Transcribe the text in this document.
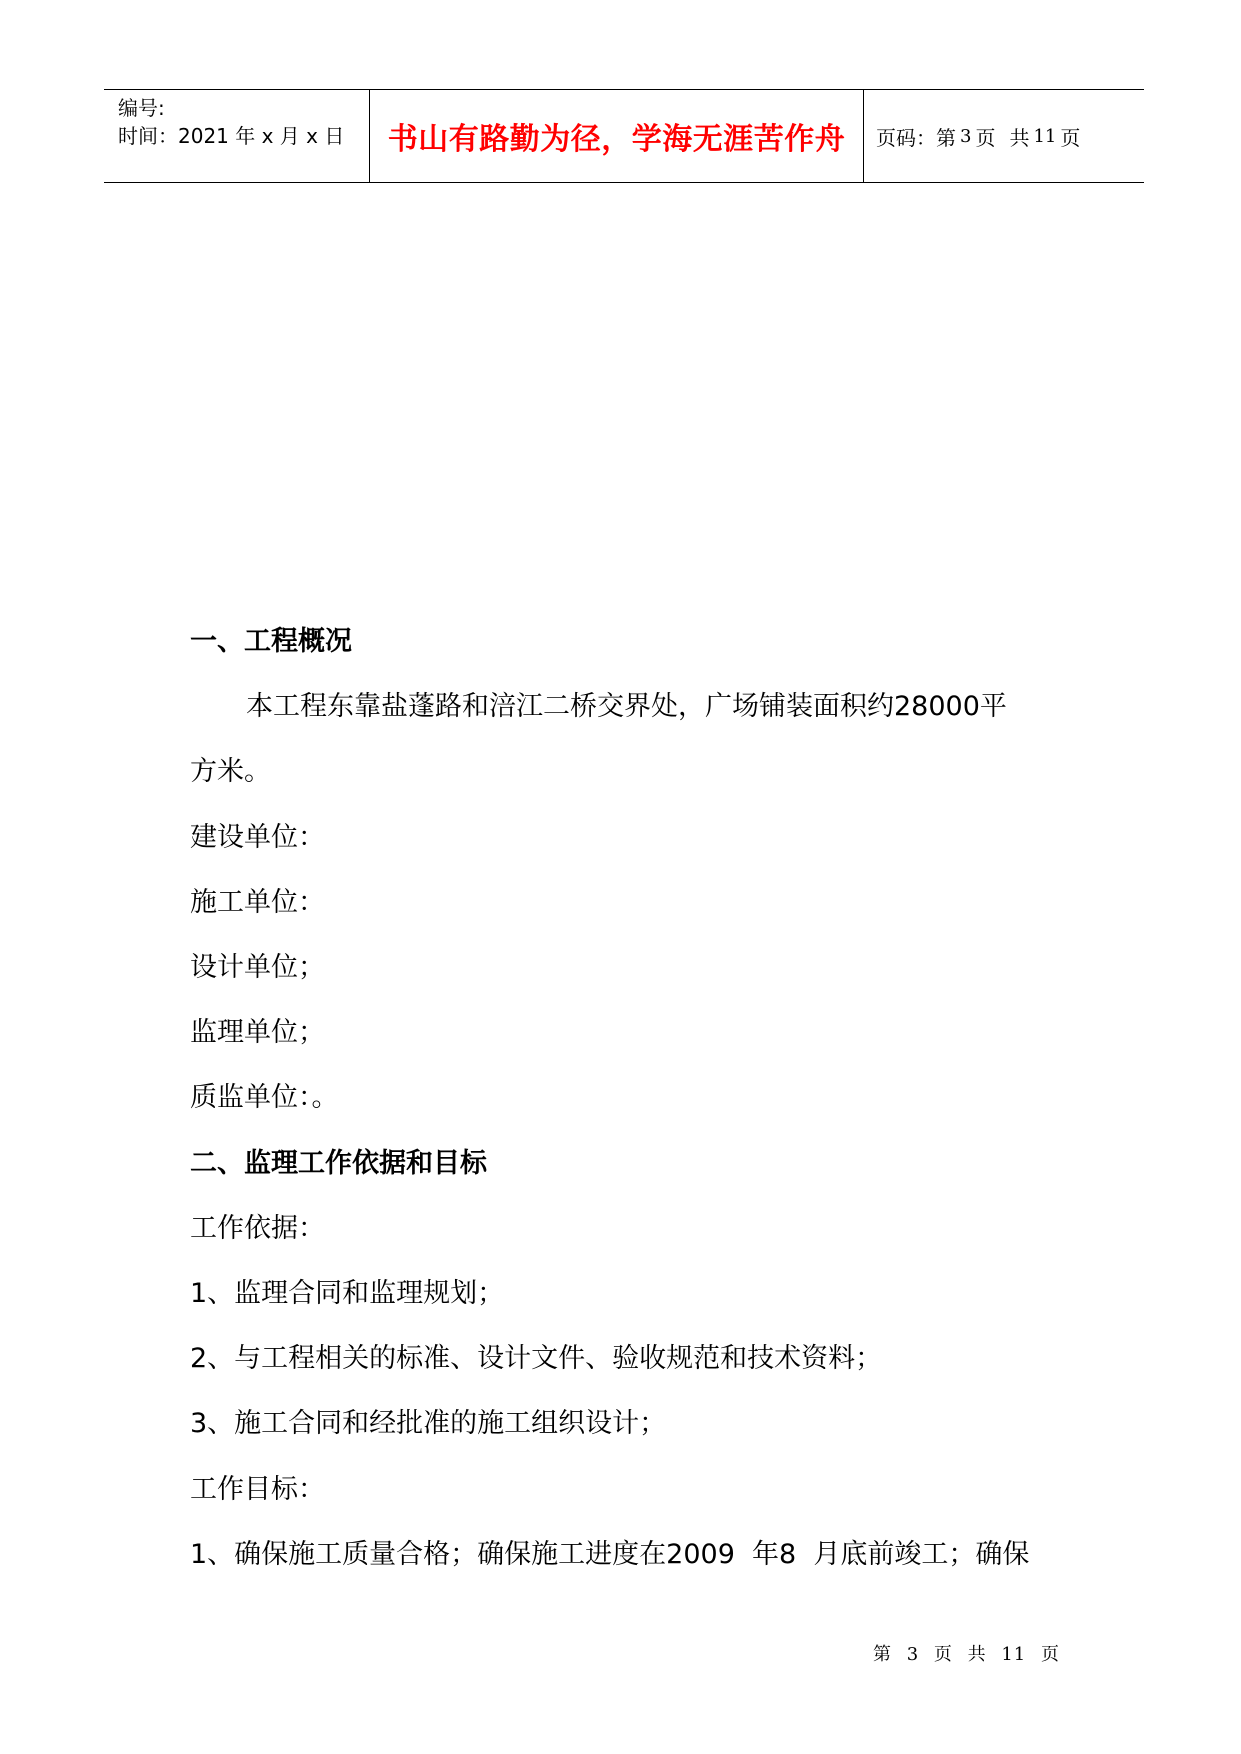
编号:
时间：2021 年 x 月 x 日	书山有路勤为径，学海无涯苦作舟	页码：第 3 页 共 11 页

一、工程概况

本工程东靠盐蓬路和涪江二桥交界处，广场铺装面积约28000平

方米。

建设单位：

施工单位：

设计单位；

监理单位；

质监单位：。

二、监理工作依据和目标

工作依据：

1、监理合同和监理规划；

2、与工程相关的标准、设计文件、验收规范和技术资料；

3、施工合同和经批准的施工组织设计；

工作目标：

1、确保施工质量合格；确保施工进度在2009  年8  月底前竣工；确保

第 3 页 共 11 页
